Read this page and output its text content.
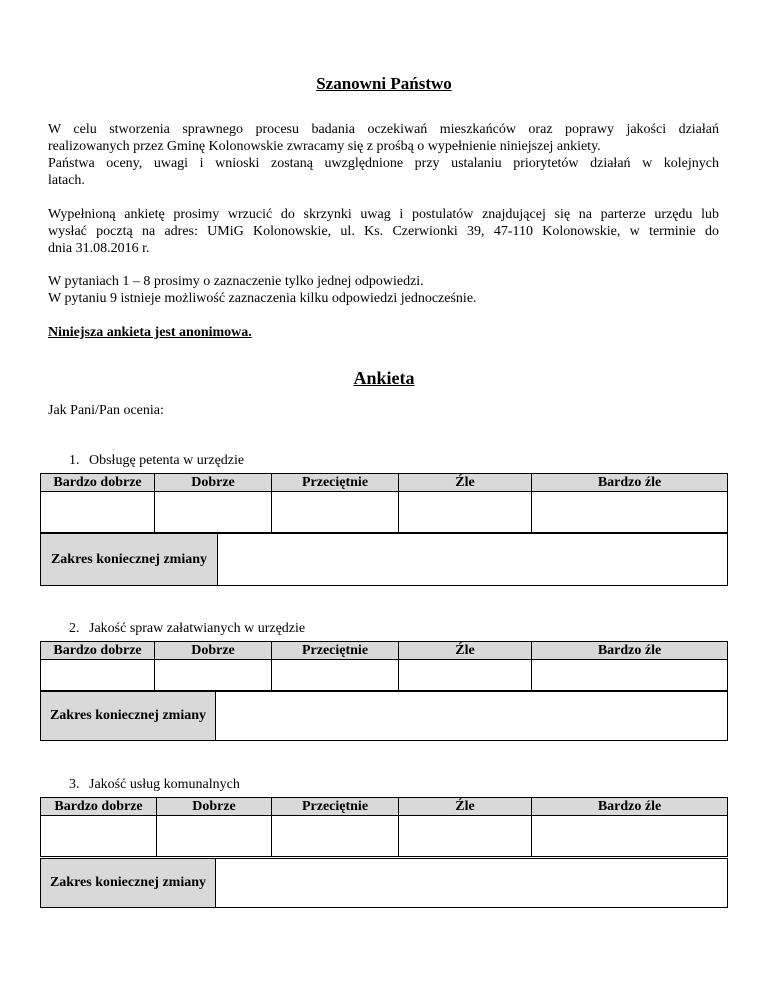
Szanowni Państwo
W celu stworzenia sprawnego procesu badania oczekiwań mieszkańców oraz poprawy jakości działań
realizowanych przez Gminę Kolonowskie zwracamy się z prośbą o wypełnienie niniejszej ankiety.
Państwa oceny, uwagi i wnioski zostaną uwzględnione przy ustalaniu priorytetów działań w kolejnych
latach.
Wypełnioną ankietę prosimy wrzucić do skrzynki uwag i postulatów znajdującej się na parterze urzędu lub
wysłać pocztą na adres: UMiG Kolonowskie, ul. Ks. Czerwionki 39, 47-110 Kolonowskie, w terminie do
dnia 31.08.2016 r.
W pytaniach 1 – 8 prosimy o zaznaczenie tylko jednej odpowiedzi.
W pytaniu 9 istnieje możliwość zaznaczenia kilku odpowiedzi jednocześnie.
Niniejsza ankieta jest anonimowa.
Ankieta
Jak Pani/Pan ocenia:
1. Obsługę petenta w urzędzie
Bardzo dobrze	Dobrze	Przeciętnie	Źle	Bardzo źle

Zakres koniecznej zmiany	
2. Jakość spraw załatwianych w urzędzie
Bardzo dobrze	Dobrze	Przeciętnie	Źle	Bardzo źle

Zakres koniecznej zmiany	
3. Jakość usług komunalnych
Bardzo dobrze	Dobrze	Przeciętnie	Źle	Bardzo źle

Zakres koniecznej zmiany	
